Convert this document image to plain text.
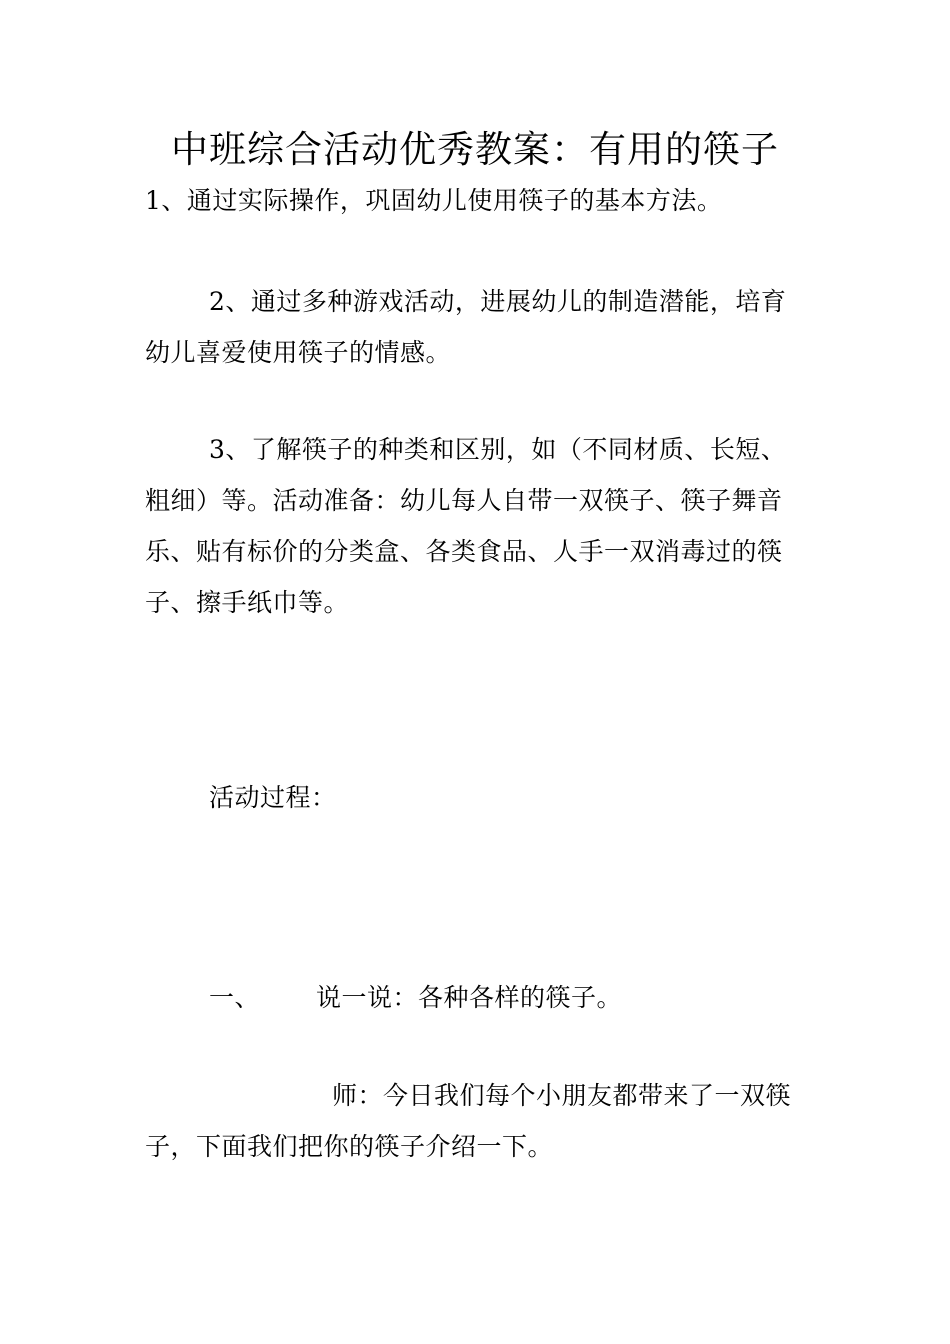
中班综合活动优秀教案：有用的筷子

1、通过实际操作，巩固幼儿使用筷子的基本方法。

2、通过多种游戏活动，进展幼儿的制造潜能，培育
幼儿喜爱使用筷子的情感。

3、了解筷子的种类和区别，如（不同材质、长短、
粗细）等。活动准备：幼儿每人自带一双筷子、筷子舞音
乐、贴有标价的分类盒、各类食品、人手一双消毒过的筷
子、擦手纸巾等。

活动过程：

一、 说一说：各种各样的筷子。

师：今日我们每个小朋友都带来了一双筷
子，下面我们把你的筷子介绍一下。
